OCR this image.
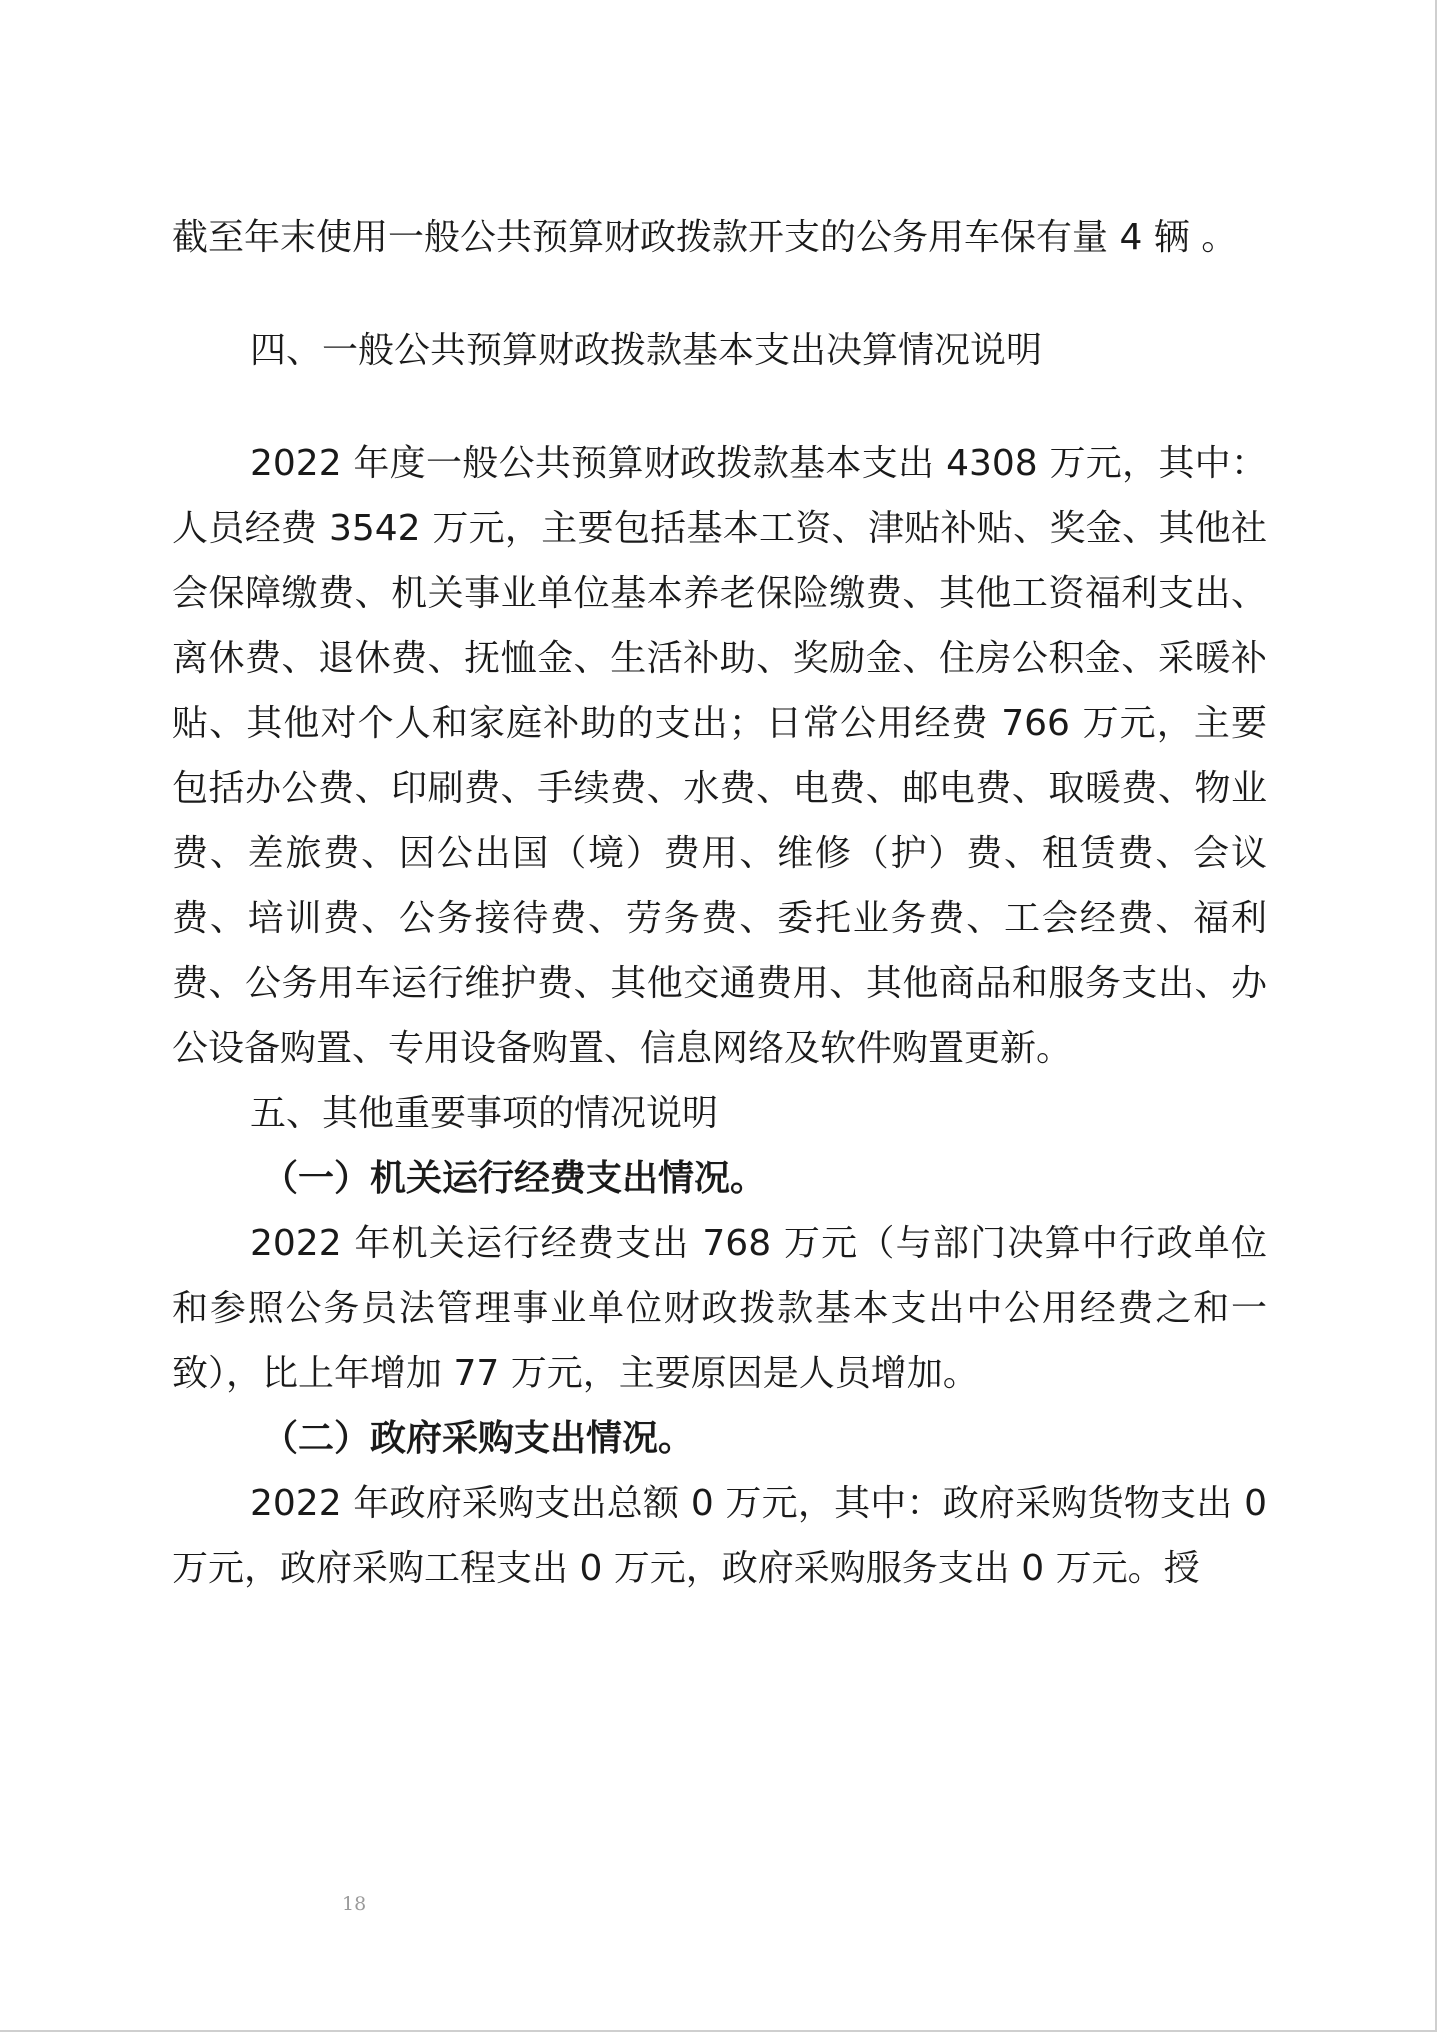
截至年末使用一般公共预算财政拨款开支的公务用车保有量 4 辆 。

四、一般公共预算财政拨款基本支出决算情况说明

2022 年度一般公共预算财政拨款基本支出 4308 万元，其中：人员经费 3542 万元，主要包括基本工资、津贴补贴、奖金、其他社会保障缴费、机关事业单位基本养老保险缴费、其他工资福利支出、离休费、退休费、抚恤金、生活补助、奖励金、住房公积金、采暖补贴、其他对个人和家庭补助的支出；日常公用经费 766 万元，主要包括办公费、印刷费、手续费、水费、电费、邮电费、取暖费、物业费、差旅费、因公出国（境）费用、维修（护）费、租赁费、会议费、培训费、公务接待费、劳务费、委托业务费、工会经费、福利费、公务用车运行维护费、其他交通费用、其他商品和服务支出、办公设备购置、专用设备购置、信息网络及软件购置更新。

五、其他重要事项的情况说明

（一）机关运行经费支出情况。

2022 年机关运行经费支出 768 万元（与部门决算中行政单位和参照公务员法管理事业单位财政拨款基本支出中公用经费之和一致），比上年增加 77 万元，主要原因是人员增加。

（二）政府采购支出情况。

2022 年政府采购支出总额 0 万元，其中：政府采购货物支出 0 万元，政府采购工程支出 0 万元，政府采购服务支出 0 万元。授

18
